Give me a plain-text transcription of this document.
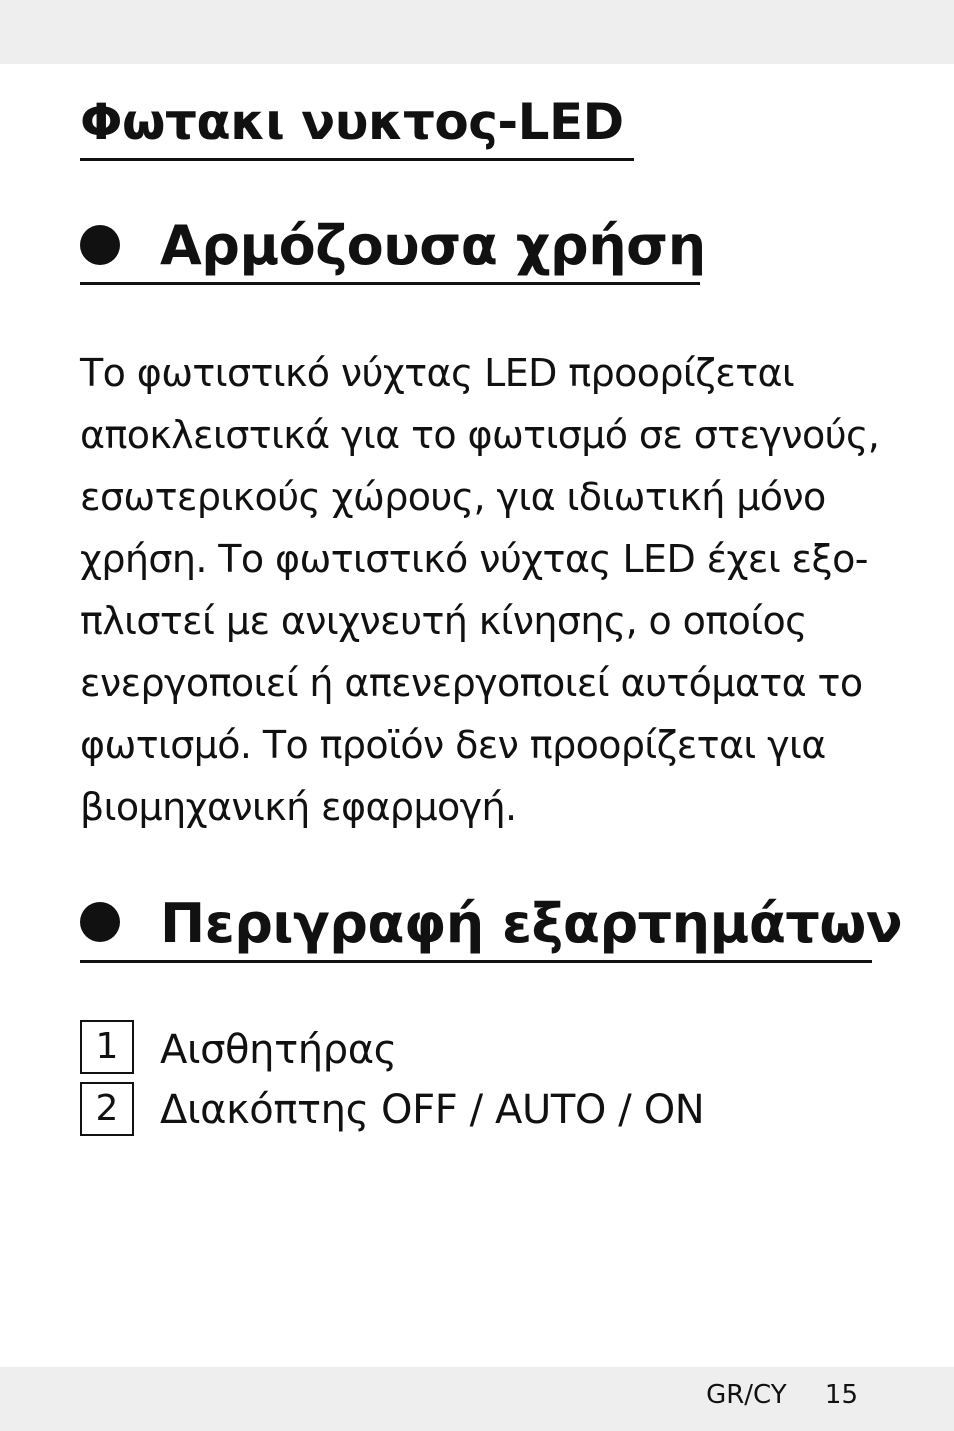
Φωτακι νυκτος-LED
Αρμόζουσα χρήση

Το φωτιστικό νύχτας LED προορίζεται
αποκλειστικά για το φωτισμό σε στεγνούς,
εσωτερικούς χώρους, για ιδιωτική μόνο
χρήση. Το φωτιστικό νύχτας LED έχει εξο-
πλιστεί με ανιχνευτή κίνησης, ο οποίος
ενεργοποιεί ή απενεργοποιεί αυτόματα το
φωτισμό. Το προϊόν δεν προορίζεται για
βιομηχανική εφαρμογή.

Περιγραφή εξαρτημάτων
1	Αισθητήρας
2	Διακόπτης OFF / AUTO / ON
GR/CY 15
